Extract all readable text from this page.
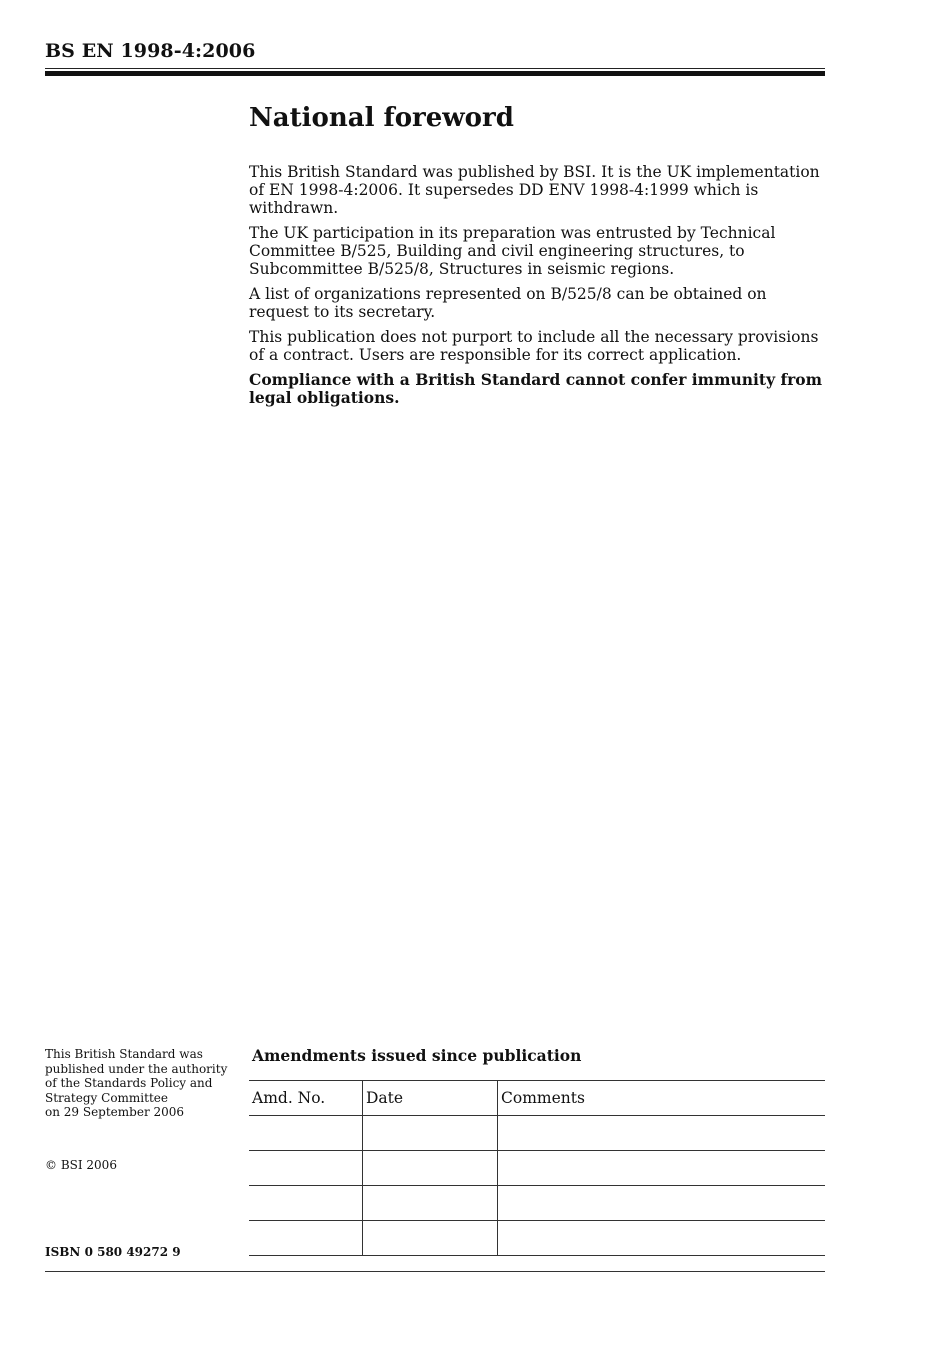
BS EN 1998-4:2006
National foreword

This British Standard was published by BSI. It is the UK implementation of EN 1998-4:2006. It supersedes DD ENV 1998-4:1999 which is withdrawn.

The UK participation in its preparation was entrusted by Technical Committee B/525, Building and civil engineering structures, to Subcommittee B/525/8, Structures in seismic regions.

A list of organizations represented on B/525/8 can be obtained on request to its secretary.

This publication does not purport to include all the necessary provisions of a contract. Users are responsible for its correct application.

Compliance with a British Standard cannot confer immunity from legal obligations.

This British Standard was
published under the authority
of the Standards Policy and
Strategy Committee
on 29 September 2006
© BSI 2006
ISBN 0 580 49272 9
Amendments issued since publication
Amd. No.	Date	Comments
